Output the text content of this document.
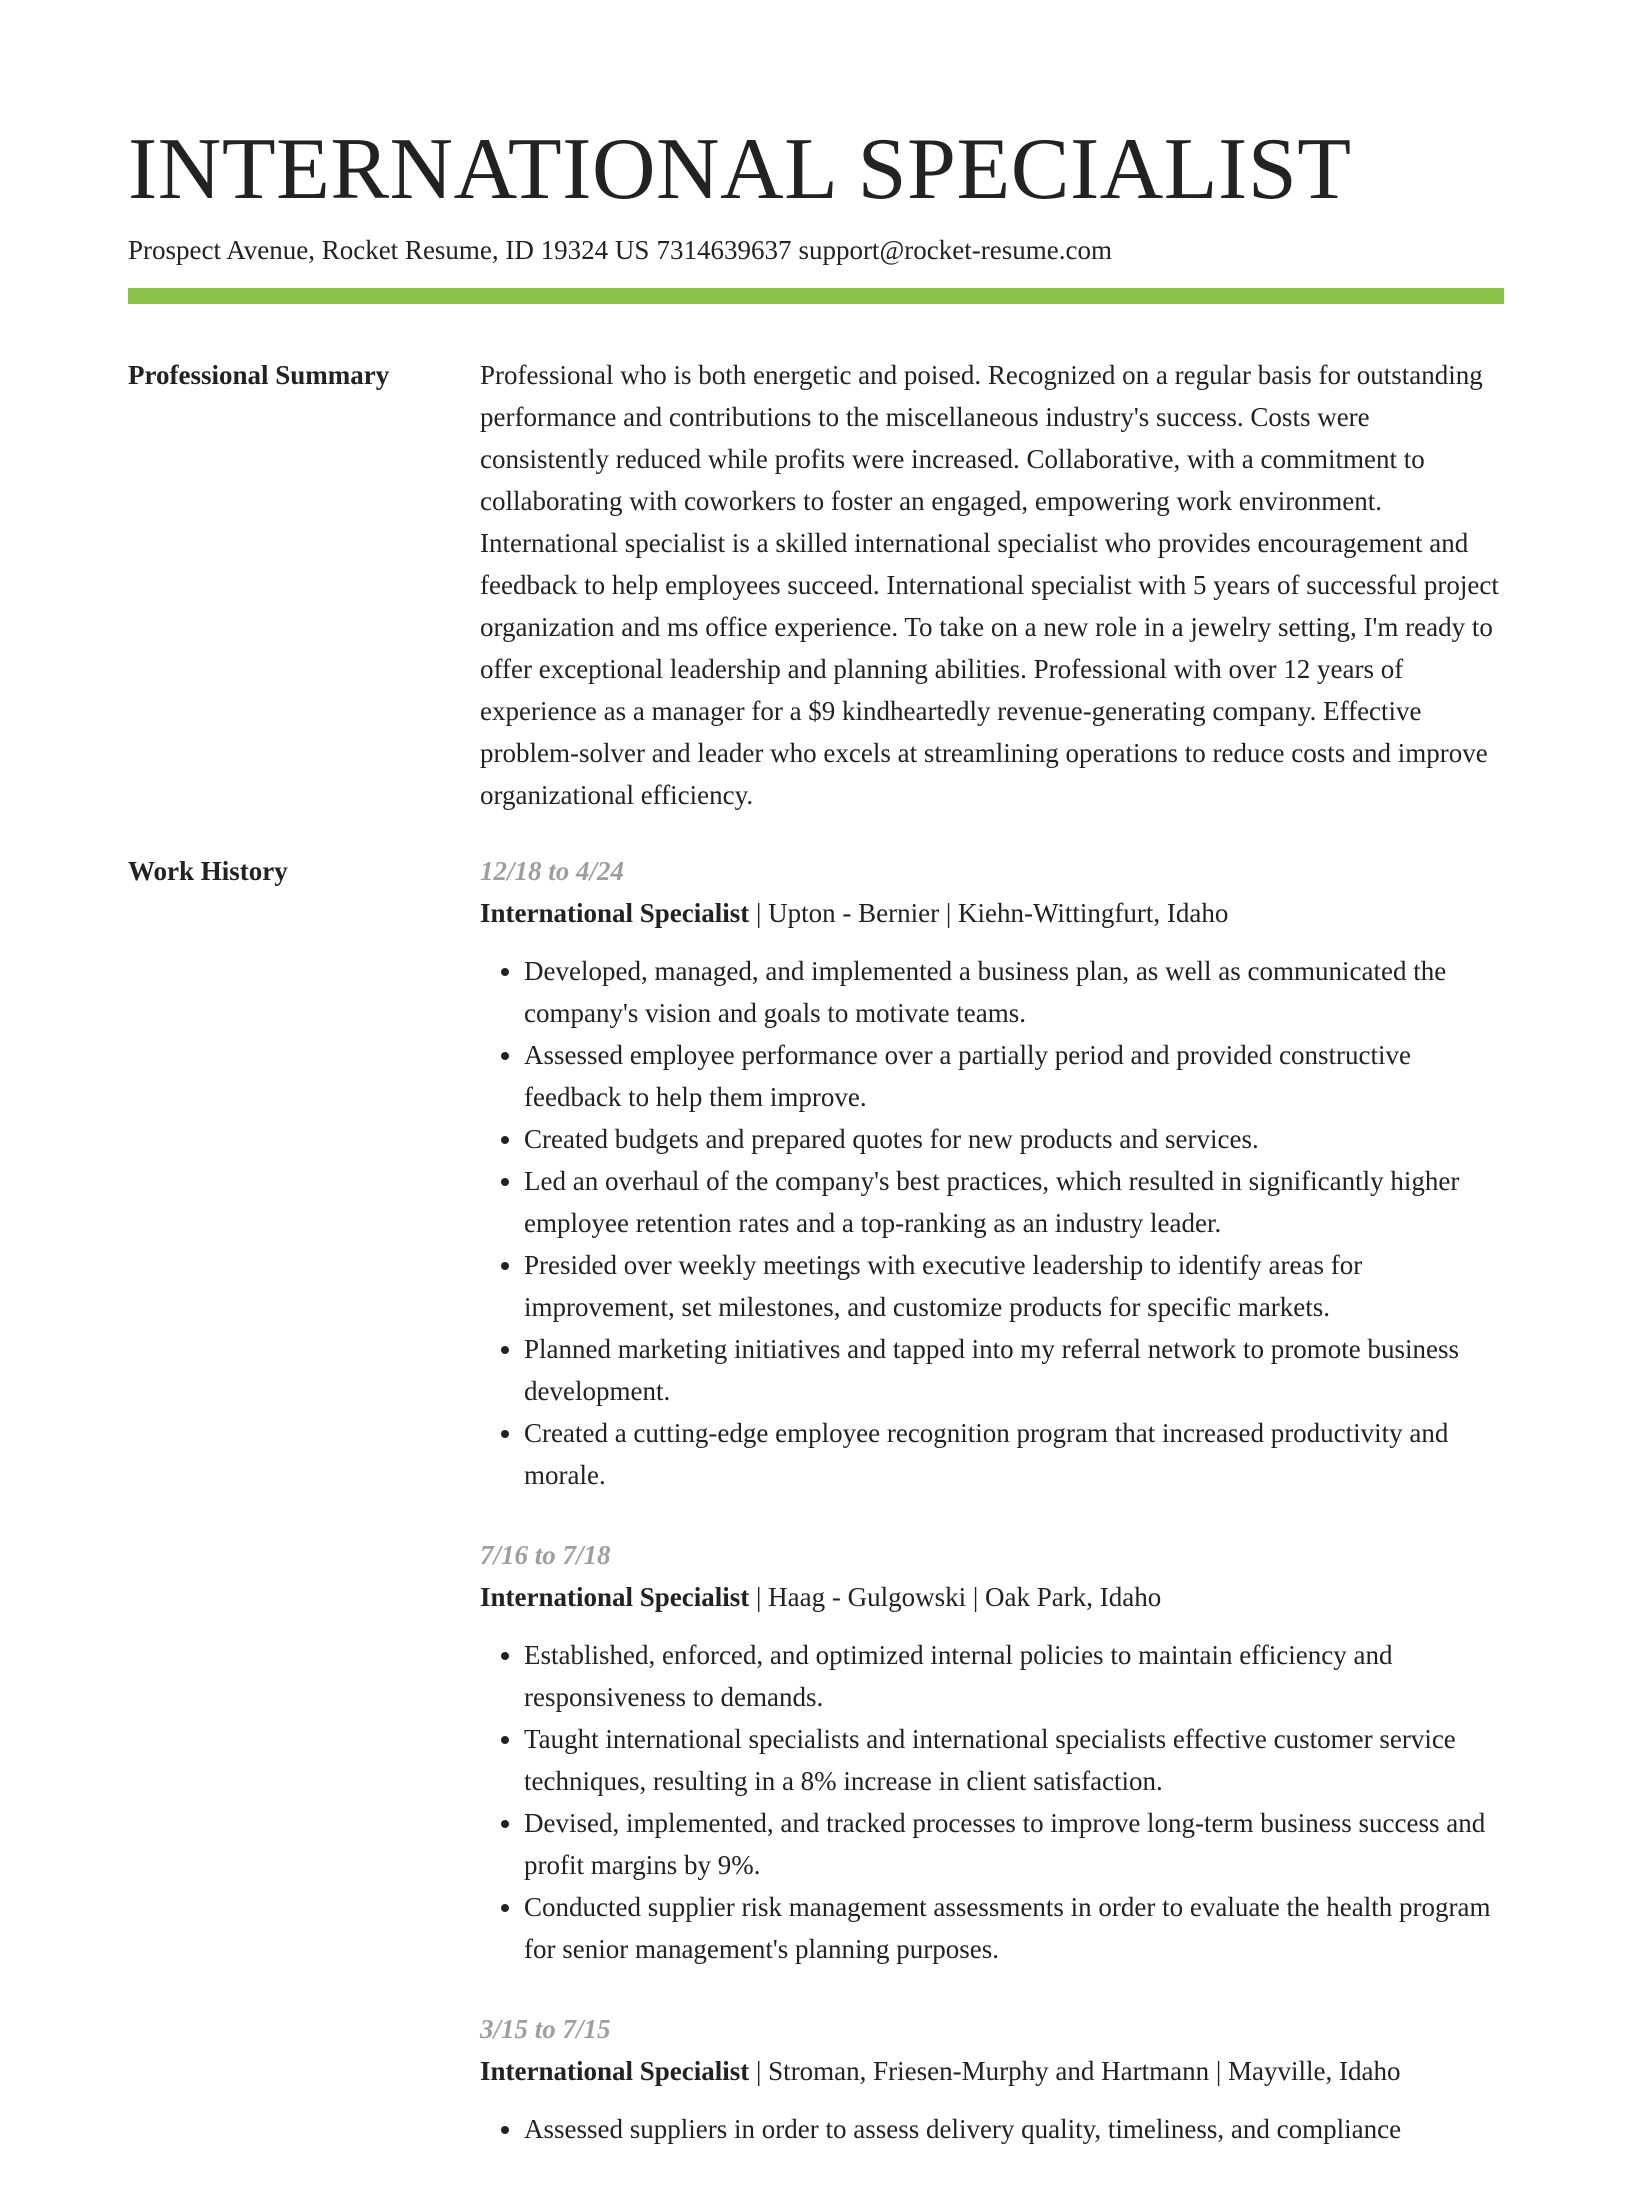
INTERNATIONAL SPECIALIST
Prospect Avenue, Rocket Resume, ID 19324 US 7314639637 support@rocket-resume.com
Professional Summary	Professional who is both energetic and poised. Recognized on a regular basis for outstanding performance and contributions to the miscellaneous industry's success. Costs were consistently reduced while profits were increased. Collaborative, with a commitment to collaborating with coworkers to foster an engaged, empowering work environment. International specialist is a skilled international specialist who provides encouragement and feedback to help employees succeed. International specialist with 5 years of successful project organization and ms office experience. To take on a new role in a jewelry setting, I'm ready to offer exceptional leadership and planning abilities. Professional with over 12 years of experience as a manager for a $9 kindheartedly revenue-generating company. Effective problem-solver and leader who excels at streamlining operations to reduce costs and improve organizational efficiency.

Work History	12/18 to 4/24
International Specialist | Upton - Bernier | Kiehn-Wittingfurt, Idaho
• Developed, managed, and implemented a business plan, as well as communicated the company's vision and goals to motivate teams.
• Assessed employee performance over a partially period and provided constructive feedback to help them improve.
• Created budgets and prepared quotes for new products and services.
• Led an overhaul of the company's best practices, which resulted in significantly higher employee retention rates and a top-ranking as an industry leader.
• Presided over weekly meetings with executive leadership to identify areas for improvement, set milestones, and customize products for specific markets.
• Planned marketing initiatives and tapped into my referral network to promote business development.
• Created a cutting-edge employee recognition program that increased productivity and morale.
7/16 to 7/18
International Specialist | Haag - Gulgowski | Oak Park, Idaho
• Established, enforced, and optimized internal policies to maintain efficiency and responsiveness to demands.
• Taught international specialists and international specialists effective customer service techniques, resulting in a 8% increase in client satisfaction.
• Devised, implemented, and tracked processes to improve long-term business success and profit margins by 9%.
• Conducted supplier risk management assessments in order to evaluate the health program for senior management's planning purposes.
3/15 to 7/15
International Specialist | Stroman, Friesen-Murphy and Hartmann | Mayville, Idaho
• Assessed suppliers in order to assess delivery quality, timeliness, and compliance
